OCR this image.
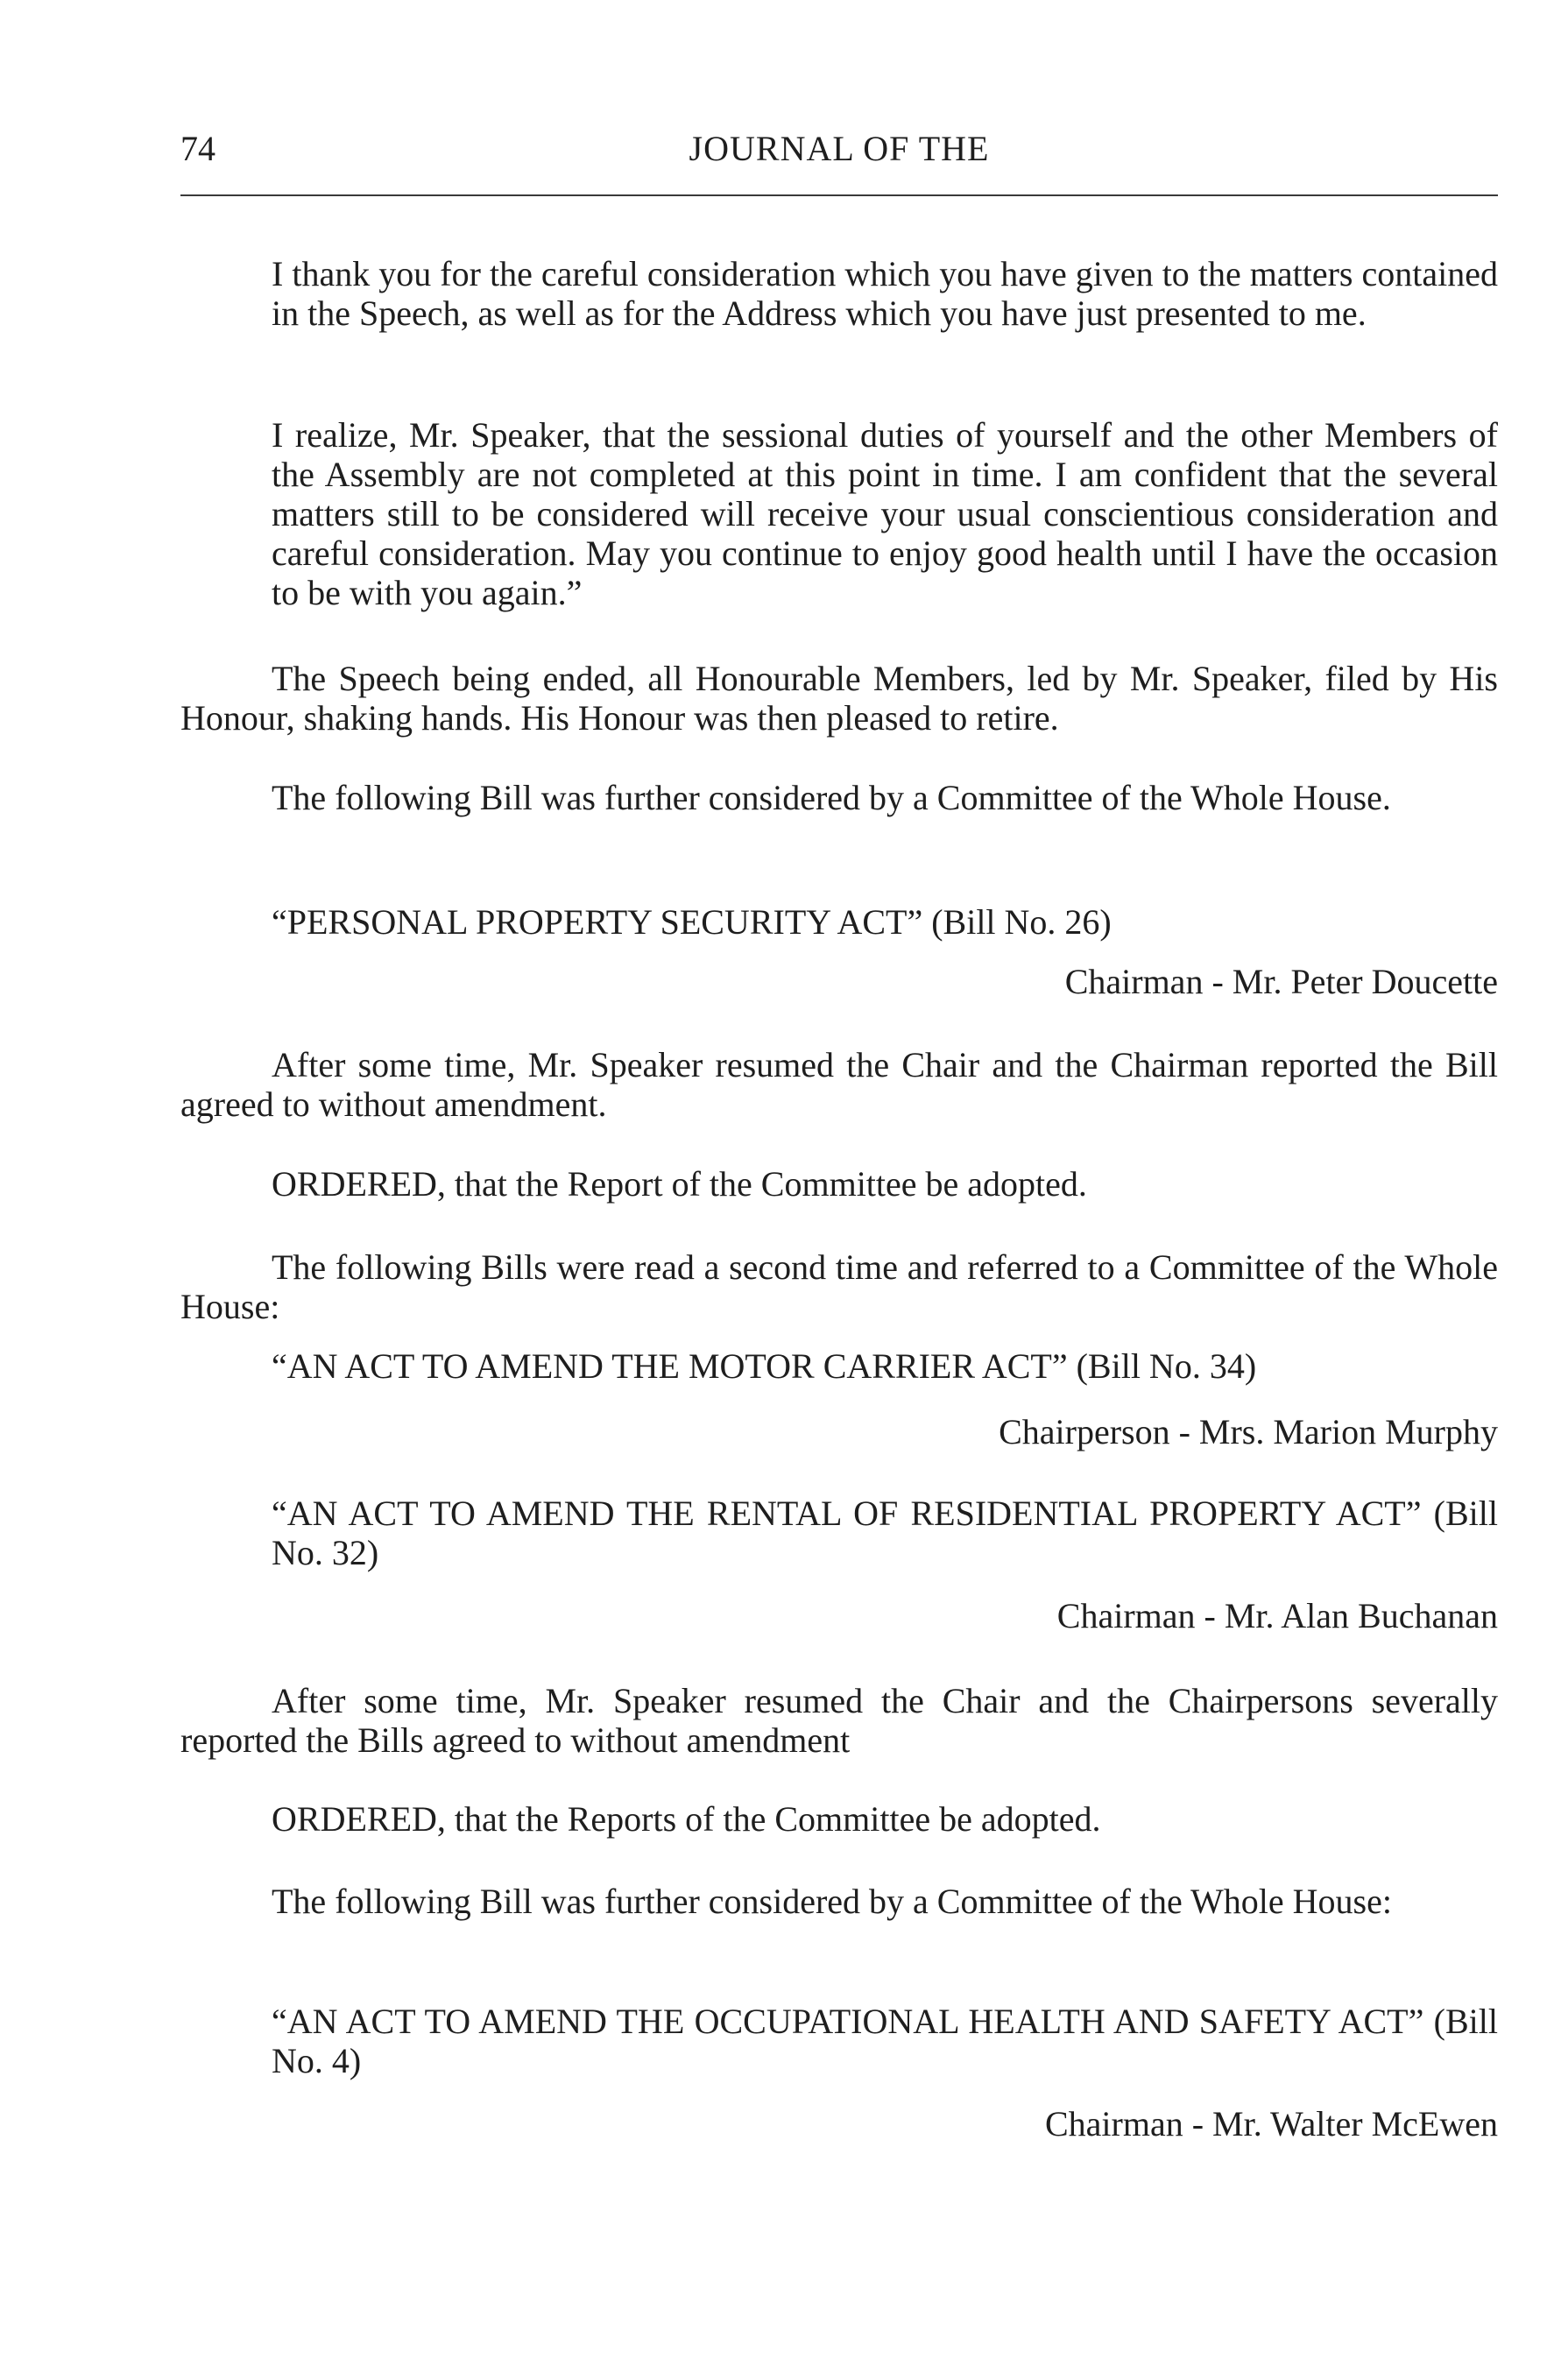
74	JOURNAL OF THE

I thank you for the careful consideration which you have given to the matters contained in the Speech, as well as for the Address which you have just presented to me.

I realize, Mr. Speaker, that the sessional duties of yourself and the other Members of the Assembly are not completed at this point in time. I am confident that the several matters still to be considered will receive your usual conscientious consideration and careful consideration. May you continue to enjoy good health until I have the occasion to be with you again.”

The Speech being ended, all Honourable Members, led by Mr. Speaker, filed by His Honour, shaking hands. His Honour was then pleased to retire.

The following Bill was further considered by a Committee of the Whole House.

“PERSONAL PROPERTY SECURITY ACT” (Bill No. 26)

Chairman - Mr. Peter Doucette

After some time, Mr. Speaker resumed the Chair and the Chairman reported the Bill agreed to without amendment.

ORDERED, that the Report of the Committee be adopted.

The following Bills were read a second time and referred to a Committee of the Whole House:

“AN ACT TO AMEND THE MOTOR CARRIER ACT” (Bill No. 34)

Chairperson - Mrs. Marion Murphy

“AN ACT TO AMEND THE RENTAL OF RESIDENTIAL PROPERTY ACT” (Bill No. 32)

Chairman - Mr. Alan Buchanan

After some time, Mr. Speaker resumed the Chair and the Chairpersons severally reported the Bills agreed to without amendment

ORDERED, that the Reports of the Committee be adopted.

The following Bill was further considered by a Committee of the Whole House:

“AN ACT TO AMEND THE OCCUPATIONAL HEALTH AND SAFETY ACT” (Bill No. 4)

Chairman - Mr. Walter McEwen
